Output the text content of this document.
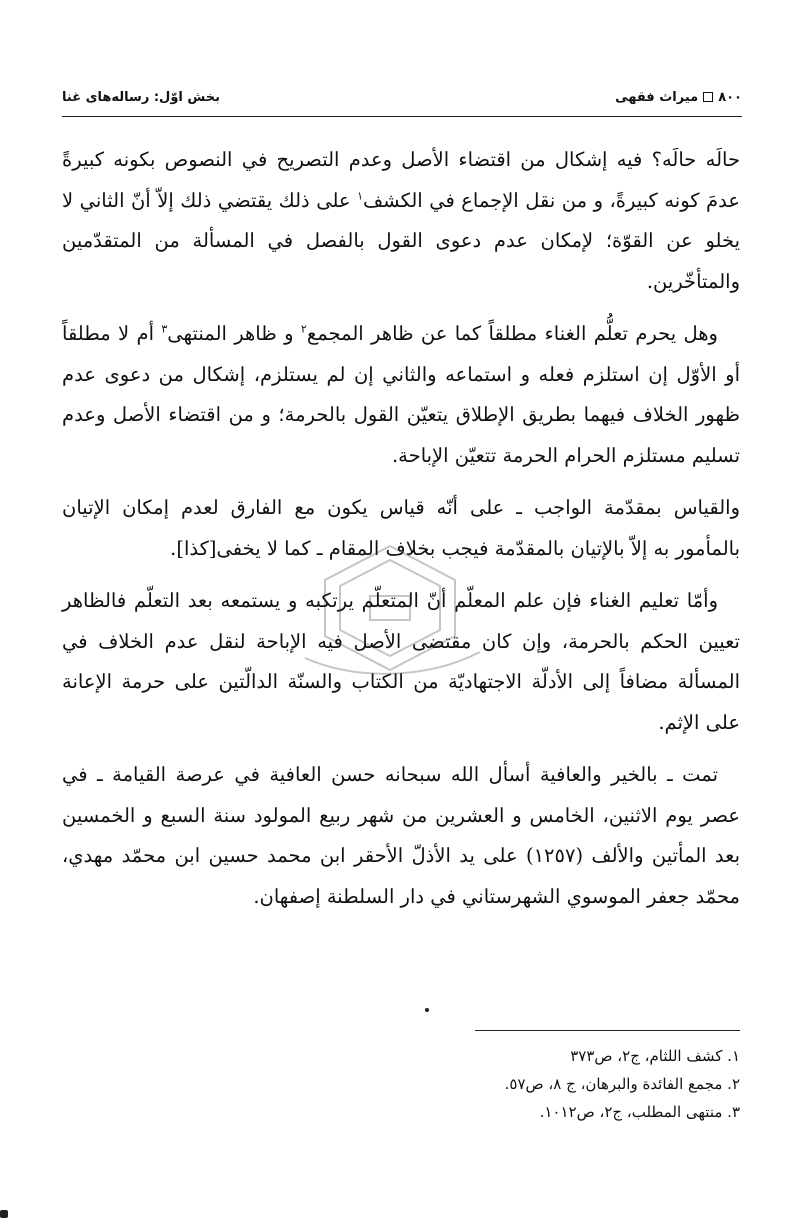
۸۰۰
میراث فقهی
بخش اوّل: رساله‌های غنا

حالَه حالَه؟ فيه إشكال من اقتضاء الأصل وعدم التصريح في النصوص بكونه كبيرةً عدمَ كونه كبيرةً، و من نقل الإجماع في الكشف$^١$ على ذلك يقتضي ذلك إلاّ أنّ الثاني لا يخلو عن القوّة؛ لإمكان عدم دعوى القول بالفصل في المسألة من المتقدّمين والمتأخّرين.

وهل يحرم تعلُّم الغناء مطلقاً كما عن ظاهر المجمع$^٢$ و ظاهر المنتهى$^٣$ أم لا مطلقاً أو الأوّل إن استلزم فعله و استماعه والثاني إن لم يستلزم، إشكال من دعوى عدم ظهور الخلاف فيهما بطريق الإطلاق يتعيّن القول بالحرمة؛ و من اقتضاء الأصل وعدم تسليم مستلزم الحرام الحرمة تتعيّن الإباحة.

والقياس بمقدّمة الواجب ـ على أنّه قياس يكون مع الفارق لعدم إمكان الإتيان بالمأمور به إلاّ بالإتيان بالمقدّمة فيجب بخلاف المقام ـ كما لا يخفى[كذا].

وأمّا تعليم الغناء فإن علم المعلّم أنّ المتعلّم يرتكبه و يستمعه بعد التعلّم فالظاهر تعيين الحكم بالحرمة، وإن كان مقتضى الأصل فيه الإباحة لنقل عدم الخلاف في المسألة مضافاً إلى الأدلّة الاجتهاديّة من الكتاب والسنّة الدالّتين على حرمة الإعانة على الإثم.

تمت ـ بالخير والعافية أسأل الله سبحانه حسن العافية في عرصة القيامة ـ في عصر يوم الاثنين، الخامس و العشرين من شهر ربيع المولود سنة السبع و الخمسين بعد المأتين والألف (١٢٥٧) على يد الأذلّ الأحقر ابن محمد حسين ابن محمّد مهدي، محمّد جعفر الموسوي الشهرستاني في دار السلطنة إصفهان.

١. كشف اللثام، ج٢، ص٣٧٣
٢. مجمع الفائدة والبرهان، ج ٨، ص٥٧.
٣. منتهى المطلب، ج٢، ص١٠١٢.
